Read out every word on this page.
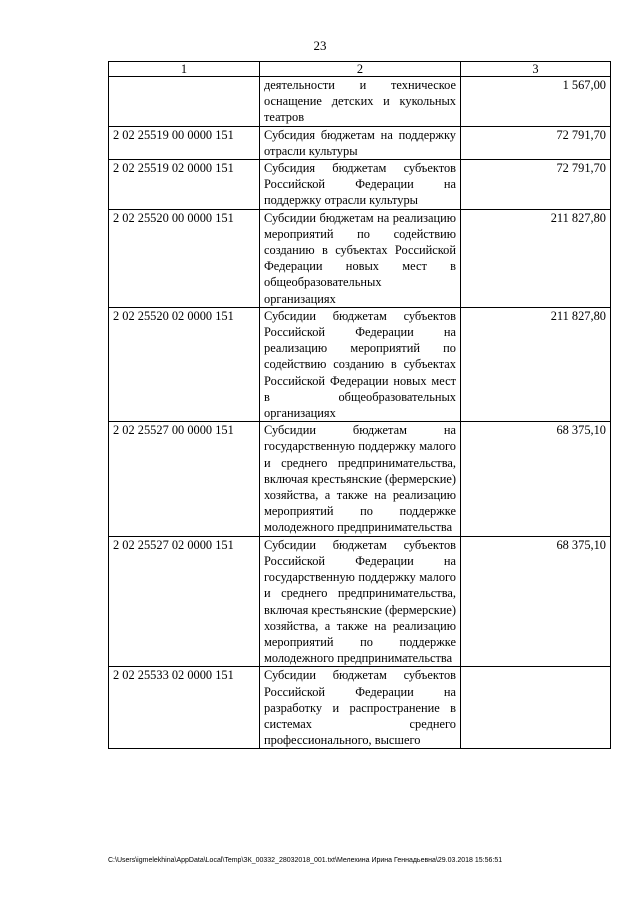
23
1	2	3
	деятельности и техническое оснащение детских и кукольных театров	1 567,00
2 02 25519 00 0000 151	Субсидия бюджетам на поддержку отрасли культуры	72 791,70
2 02 25519 02 0000 151	Субсидия бюджетам субъектов Российской Федерации на поддержку отрасли культуры	72 791,70
2 02 25520 00 0000 151	Субсидии бюджетам на реализацию мероприятий по содействию созданию в субъектах Российской Федерации новых мест в общеобразовательных организациях	211 827,80
2 02 25520 02 0000 151	Субсидии бюджетам субъектов Российской Федерации на реализацию мероприятий по содействию созданию в субъектах Российской Федерации новых мест в общеобразовательных организациях	211 827,80
2 02 25527 00 0000 151	Субсидии бюджетам на государственную поддержку малого и среднего предпринимательства, включая крестьянские (фермерские) хозяйства, а также на реализацию мероприятий по поддержке молодежного предпринимательства	68 375,10
2 02 25527 02 0000 151	Субсидии бюджетам субъектов Российской Федерации на государственную поддержку малого и среднего предпринимательства, включая крестьянские (фермерские) хозяйства, а также на реализацию мероприятий по поддержке молодежного предпринимательства	68 375,10
2 02 25533 02 0000 151	Субсидии бюджетам субъектов Российской Федерации на разработку и распространение в системах среднего профессионального, высшего	
C:\Users\igmelekhina\AppData\Local\Temp\ЗК_00332_28032018_001.txt\Мелехина Ирина Геннадьевна\29.03.2018 15:56:51
